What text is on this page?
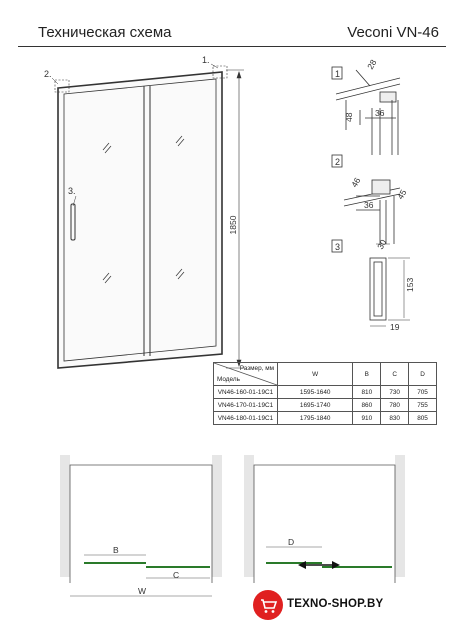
Техническая схема	Veconi VN-46
1.
2.
3.
1850
1
28
36
48
2
46
36
45
3	30
153
19
B
C
W
D
Размер, мм
Модель	W	B	C	D
VN46-160-01-19C1	1595-1640	810	730	705
VN46-170-01-19C1	1695-1740	860	780	755
VN46-180-01-19C1	1795-1840	910	830	805
TEXNO-SHOP.BY
